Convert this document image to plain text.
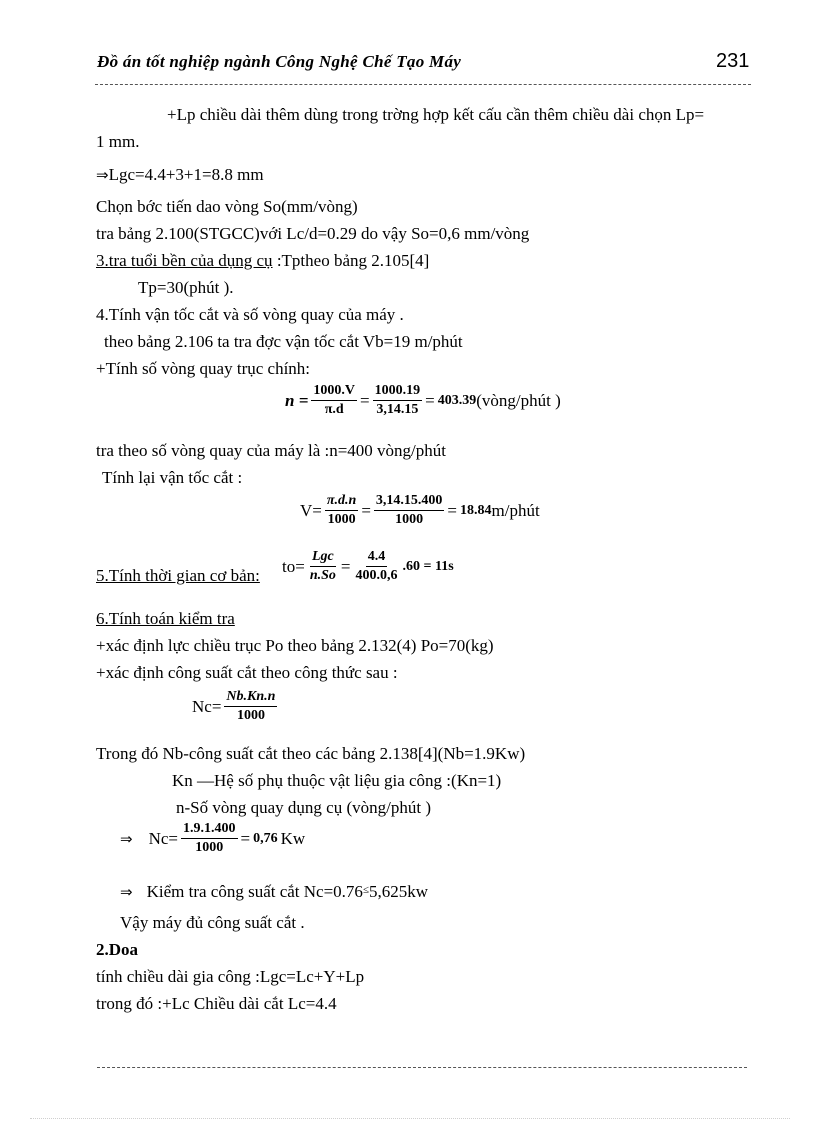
Đồ án tốt nghiệp ngành Công Nghệ Chế Tạo Máy	231
+Lp chiều dài thêm dùng trong trờng hợp kết cấu cần thêm chiều dài chọn Lp=
1 mm.
⇒Lgc=4.4+3+1=8.8 mm
Chọn bớc tiến dao vòng So(mm/vòng)
tra bảng 2.100(STGCC)với Lc/d=0.29 do vậy So=0,6 mm/vòng
3.tra tuổi bền của dụng cụ :Tpthеo bảng 2.105[4]
Tp=30(phút ).
4.Tính vận tốc cắt và số vòng quay của máy .
theo bảng 2.106 ta tra đợc vận tốc cắt Vb=19 m/phút
+Tính số vòng quay trục chính:
$n = \frac{1000.V}{\pi.d} = \frac{1000.19}{3,14.15} = 403.39$ (vòng/phút )
tra theo số vòng quay của máy là :n=400 vòng/phút
Tính lại vận tốc cắt :
$V= \frac{\pi.d.n}{1000} = \frac{3,14.15.400}{1000} = 18.84$ m/phút
5.Tính thời gian cơ bản: $to= \frac{\text{Lgc}}{n.So} = \frac{4.4}{400.0,6} .60 = 11s$
6.Tính toán kiểm tra
+xác định lực chiều trục Po theo bảng 2.132(4) Po=70(kg)
+xác định công suất cắt theo công thức sau :
$Nc= \frac{Nb.Kn.n}{1000}$
Trong đó Nb-công suất cắt theo các bảng 2.138[4](Nb=1.9Kw)
Kn —Hệ số phụ thuộc vật liệu gia công :(Kn=1)
n-Số vòng quay dụng cụ (vòng/phút )
⇒ $Nc= \frac{1.9.1.400}{1000} = 0,76$ Kw
⇒ Kiểm tra công suất cắt Nc=0.76≤5,625kw
Vậy máy đủ công suất cắt .
2.Doa
tính chiều dài gia công :Lgc=Lc+Y+Lp
trong đó :+Lc Chiều dài cắt Lc=4.4
